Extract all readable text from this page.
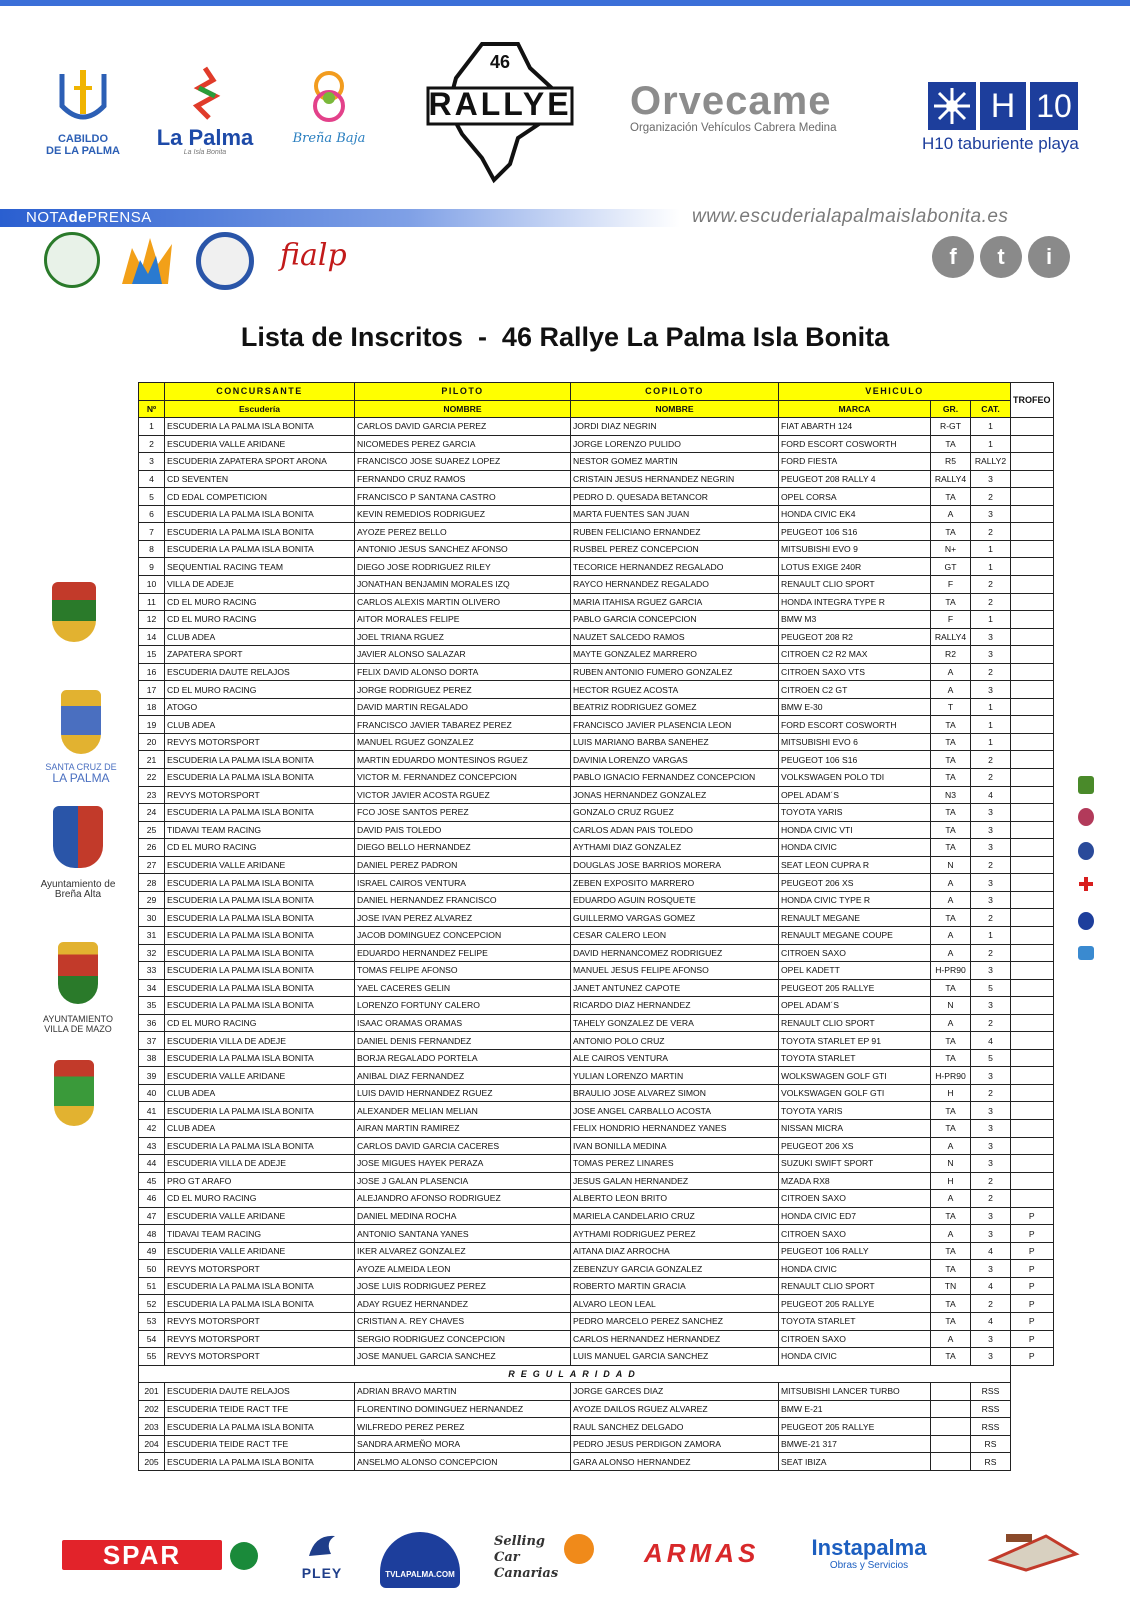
CABILDO
DE LA PALMA
La Palma
La Isla Bonita
Breña Baja
46
RALLYE Orvecame
Organización Vehículos Cabrera Medina
H 10
H10 taburiente playa
NOTAdePRENSA	www.escuderialapalmaislabonita.es
fialp	f	t	i
Lista de Inscritos  -  46 Rallye La Palma Isla Bonita
	CONCURSANTE	PILOTO	COPILOTO	VEHICULO			TROFEO
Nº	Escudería	NOMBRE	NOMBRE	MARCA	GR.	CAT.	
1	ESCUDERIA LA PALMA ISLA BONITA	CARLOS DAVID GARCIA PEREZ	JORDI DIAZ NEGRIN	FIAT ABARTH 124	R-GT	1	
2	ESCUDERIA VALLE ARIDANE	NICOMEDES PEREZ GARCIA	JORGE LORENZO PULIDO	FORD ESCORT COSWORTH	TA	1	
3	ESCUDERIA ZAPATERA SPORT ARONA	FRANCISCO JOSE SUAREZ LOPEZ	NESTOR GOMEZ MARTIN	FORD FIESTA	R5	RALLY2	
4	CD SEVENTEN	FERNANDO CRUZ RAMOS	CRISTAIN JESUS HERNANDEZ NEGRIN	PEUGEOT 208 RALLY 4	RALLY4	3	
5	CD EDAL COMPETICION	FRANCISCO P SANTANA CASTRO	PEDRO D. QUESADA BETANCOR	OPEL CORSA	TA	2	
6	ESCUDERIA LA PALMA ISLA BONITA	KEVIN REMEDIOS RODRIGUEZ	MARTA FUENTES SAN JUAN	HONDA CIVIC EK4	A	3	
7	ESCUDERIA LA PALMA ISLA BONITA	AYOZE PEREZ BELLO	RUBEN FELICIANO ERNANDEZ	PEUGEOT 106 S16	TA	2	
8	ESCUDERIA LA PALMA ISLA BONITA	ANTONIO JESUS SANCHEZ AFONSO	RUSBEL PEREZ CONCEPCION	MITSUBISHI EVO 9	N+	1	
9	SEQUENTIAL RACING TEAM	DIEGO JOSE RODRIGUEZ RILEY	TECORICE HERNANDEZ REGALADO	LOTUS EXIGE 240R	GT	1	
10	VILLA DE ADEJE	JONATHAN BENJAMIN MORALES IZQ	RAYCO HERNANDEZ REGALADO	RENAULT CLIO SPORT	F	2	
11	CD EL MURO RACING	CARLOS ALEXIS MARTIN OLIVERO	MARIA ITAHISA RGUEZ GARCIA	HONDA INTEGRA TYPE R	TA	2	
12	CD EL MURO RACING	AITOR MORALES FELIPE	PABLO GARCIA CONCEPCION	BMW M3	F	1	
14	CLUB ADEA	JOEL TRIANA RGUEZ	NAUZET SALCEDO RAMOS	PEUGEOT 208 R2	RALLY4	3	
15	ZAPATERA SPORT	JAVIER ALONSO SALAZAR	MAYTE GONZALEZ MARRERO	CITROEN C2 R2 MAX	R2	3	
16	ESCUDERIA DAUTE RELAJOS	FELIX DAVID ALONSO DORTA	RUBEN ANTONIO FUMERO GONZALEZ	CITROEN SAXO VTS	A	2	
17	CD EL MURO RACING	JORGE RODRIGUEZ PEREZ	HECTOR RGUEZ ACOSTA	CITROEN C2 GT	A	3	
18	ATOGO	DAVID MARTIN REGALADO	BEATRIZ RODRIGUEZ GOMEZ	BMW E-30	T	1	
19	CLUB ADEA	FRANCISCO JAVIER TABAREZ PEREZ	FRANCISCO JAVIER PLASENCIA LEON	FORD ESCORT COSWORTH	TA	1	
20	REVYS MOTORSPORT	MANUEL RGUEZ GONZALEZ	LUIS MARIANO BARBA SANEHEZ	MITSUBISHI EVO 6	TA	1	
21	ESCUDERIA LA PALMA ISLA BONITA	MARTIN EDUARDO MONTESINOS RGUEZ	DAVINIA LORENZO VARGAS	PEUGEOT 106 S16	TA	2	
22	ESCUDERIA LA PALMA ISLA BONITA	VICTOR M. FERNANDEZ CONCEPCION	PABLO IGNACIO FERNANDEZ CONCEPCION	VOLKSWAGEN POLO TDI	TA	2	
23	REVYS MOTORSPORT	VICTOR JAVIER ACOSTA RGUEZ	JONAS HERNANDEZ GONZALEZ	OPEL ADAM´S	N3	4	
24	ESCUDERIA LA PALMA ISLA BONITA	FCO JOSE SANTOS PEREZ	GONZALO CRUZ RGUEZ	TOYOTA YARIS	TA	3	
25	TIDAVAI TEAM RACING	DAVID PAIS TOLEDO	CARLOS ADAN PAIS TOLEDO	HONDA CIVIC VTI	TA	3	
26	CD EL MURO RACING	DIEGO BELLO HERNANDEZ	AYTHAMI DIAZ GONZALEZ	HONDA CIVIC	TA	3	
27	ESCUDERIA VALLE ARIDANE	DANIEL PEREZ PADRON	DOUGLAS JOSE BARRIOS MORERA	SEAT LEON CUPRA R	N	2	
28	ESCUDERIA LA PALMA ISLA BONITA	ISRAEL CAIROS VENTURA	ZEBEN EXPOSITO MARRERO	PEUGEOT 206 XS	A	3	
29	ESCUDERIA LA PALMA ISLA BONITA	DANIEL HERNANDEZ FRANCISCO	EDUARDO AGUIN ROSQUETE	HONDA CIVIC TYPE R	A	3	
30	ESCUDERIA LA PALMA ISLA BONITA	JOSE IVAN PEREZ ALVAREZ	GUILLERMO VARGAS GOMEZ	RENAULT MEGANE	TA	2	
31	ESCUDERIA LA PALMA ISLA BONITA	JACOB DOMINGUEZ CONCEPCION	CESAR CALERO LEON	RENAULT MEGANE COUPE	A	1	
32	ESCUDERIA LA PALMA ISLA BONITA	EDUARDO HERNANDEZ FELIPE	DAVID HERNANCOMEZ RODRIGUEZ	CITROEN SAXO	A	2	
33	ESCUDERIA LA PALMA ISLA BONITA	TOMAS FELIPE AFONSO	MANUEL JESUS FELIPE AFONSO	OPEL KADETT	H-PR90	3	
34	ESCUDERIA LA PALMA ISLA BONITA	YAEL CACERES GELIN	JANET ANTUNEZ CAPOTE	PEUGEOT 205 RALLYE	TA	5	
35	ESCUDERIA LA PALMA ISLA BONITA	LORENZO FORTUNY CALERO	RICARDO DIAZ HERNANDEZ	OPEL ADAM´S	N	3	
36	CD EL MURO RACING	ISAAC ORAMAS ORAMAS	TAHELY GONZALEZ DE VERA	RENAULT CLIO SPORT	A	2	
37	ESCUDERIA VILLA DE ADEJE	DANIEL DENIS FERNANDEZ	ANTONIO POLO CRUZ	TOYOTA STARLET EP 91	TA	4	
38	ESCUDERIA LA PALMA ISLA BONITA	BORJA REGALADO PORTELA	ALE CAIROS VENTURA	TOYOTA STARLET	TA	5	
39	ESCUDERIA VALLE ARIDANE	ANIBAL DIAZ FERNANDEZ	YULIAN LORENZO MARTIN	WOLKSWAGEN GOLF GTI	H-PR90	3	
40	CLUB ADEA	LUIS DAVID HERNANDEZ RGUEZ	BRAULIO JOSE ALVAREZ SIMON	VOLKSWAGEN GOLF GTI	H	2	
41	ESCUDERIA LA PALMA ISLA BONITA	ALEXANDER MELIAN MELIAN	JOSE ANGEL CARBALLO ACOSTA	TOYOTA YARIS	TA	3	
42	CLUB ADEA	AIRAN MARTIN RAMIREZ	FELIX HONDRIO HERNANDEZ YANES	NISSAN MICRA	TA	3	
43	ESCUDERIA LA PALMA ISLA BONITA	CARLOS DAVID GARCIA CACERES	IVAN BONILLA MEDINA	PEUGEOT 206 XS	A	3	
44	ESCUDERIA VILLA DE ADEJE	JOSE MIGUES HAYEK PERAZA	TOMAS PEREZ LINARES	SUZUKI SWIFT SPORT	N	3	
45	PRO GT ARAFO	JOSE J GALAN PLASENCIA	JESUS GALAN HERNANDEZ	MZADA RX8	H	2	
46	CD EL MURO RACING	ALEJANDRO AFONSO RODRIGUEZ	ALBERTO LEON BRITO	CITROEN SAXO	A	2	
47	ESCUDERIA VALLE ARIDANE	DANIEL MEDINA ROCHA	MARIELA CANDELARIO CRUZ	HONDA CIVIC ED7	TA	3	P
48	TIDAVAI TEAM RACING	ANTONIO SANTANA YANES	AYTHAMI RODRIGUEZ PEREZ	CITROEN SAXO	A	3	P
49	ESCUDERIA VALLE ARIDANE	IKER ALVAREZ GONZALEZ	AITANA DIAZ ARROCHA	PEUGEOT 106 RALLY	TA	4	P
50	REVYS MOTORSPORT	AYOZE ALMEIDA LEON	ZEBENZUY GARCIA GONZALEZ	HONDA CIVIC	TA	3	P
51	ESCUDERIA LA PALMA ISLA BONITA	JOSE LUIS RODRIGUEZ PEREZ	ROBERTO MARTIN GRACIA	RENAULT CLIO SPORT	TN	4	P
52	ESCUDERIA LA PALMA ISLA BONITA	ADAY RGUEZ HERNANDEZ	ALVARO LEON LEAL	PEUGEOT 205 RALLYE	TA	2	P
53	REVYS MOTORSPORT	CRISTIAN A. REY CHAVES	PEDRO MARCELO PEREZ SANCHEZ	TOYOTA STARLET	TA	4	P
54	REVYS MOTORSPORT	SERGIO RODRIGUEZ CONCEPCION	CARLOS HERNANDEZ HERNANDEZ	CITROEN SAXO	A	3	P
55	REVYS MOTORSPORT	JOSE MANUEL GARCIA SANCHEZ	LUIS MANUEL GARCIA SANCHEZ	HONDA CIVIC	TA	3	P
REGULARIDAD							
201	ESCUDERIA DAUTE RELAJOS	ADRIAN BRAVO MARTIN	JORGE GARCES DIAZ	MITSUBISHI LANCER TURBO		RSS	
202	ESCUDERIA TEIDE RACT TFE	FLORENTINO DOMINGUEZ HERNANDEZ	AYOZE DAILOS RGUEZ ALVAREZ	BMW E-21		RSS	
203	ESCUDERIA LA PALMA ISLA BONITA	WILFREDO PEREZ PEREZ	RAUL SANCHEZ DELGADO	PEUGEOT 205 RALLYE		RSS	
204	ESCUDERIA TEIDE RACT TFE	SANDRA ARMEÑO MORA	PEDRO JESUS PERDIGON ZAMORA	BMWE-21 317		RS	
205	ESCUDERIA LA PALMA ISLA BONITA	ANSELMO ALONSO CONCEPCION	GARA ALONSO HERNANDEZ	SEAT IBIZA		RS	
SANTA CRUZ DE
LA PALMA
Ayuntamiento de
Breña Alta
AYUNTAMIENTO
VILLA DE MAZO
SPAR
PLEY	TVLAPALMA.COM
Selling Car Canarias
ARMAS	Instapalma
Obras y Servicios
